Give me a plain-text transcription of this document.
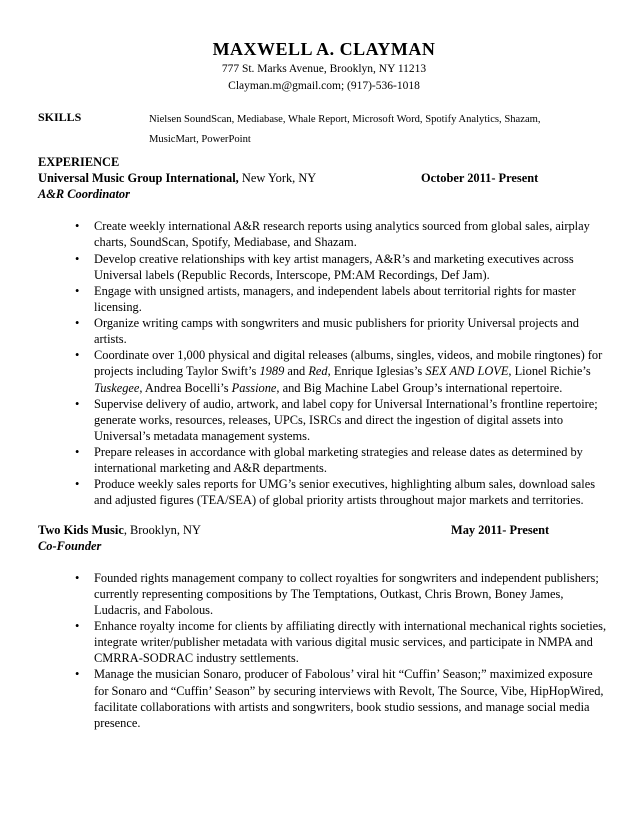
MAXWELL A. CLAYMAN
777 St. Marks Avenue, Brooklyn, NY 11213
Clayman.m@gmail.com; (917)-536-1018
SKILLS	Nielsen SoundScan, Mediabase, Whale Report, Microsoft Word, Spotify Analytics, Shazam,
MusicMart, PowerPoint
EXPERIENCE
Universal Music Group International, New York, NY	October 2011- Present
A&R Coordinator
• Create weekly international A&R research reports using analytics sourced from global sales, airplay charts, SoundScan, Spotify, Mediabase, and Shazam.
• Develop creative relationships with key artist managers, A&R’s and marketing executives across Universal labels (Republic Records, Interscope, PM:AM Recordings, Def Jam).
• Engage with unsigned artists, managers, and independent labels about territorial rights for master licensing.
• Organize writing camps with songwriters and music publishers for priority Universal projects and artists.
• Coordinate over 1,000 physical and digital releases (albums, singles, videos, and mobile ringtones) for projects including Taylor Swift’s 1989 and Red, Enrique Iglesias’s SEX AND LOVE, Lionel Richie’s Tuskegee, Andrea Bocelli’s Passione, and Big Machine Label Group’s international repertoire.
• Supervise delivery of audio, artwork, and label copy for Universal International’s frontline repertoire; generate works, resources, releases, UPCs, ISRCs and direct the ingestion of digital assets into Universal’s metadata management systems.
• Prepare releases in accordance with global marketing strategies and release dates as determined by international marketing and A&R departments.
• Produce weekly sales reports for UMG’s senior executives, highlighting album sales, download sales and adjusted figures (TEA/SEA) of global priority artists throughout major markets and territories.
Two Kids Music, Brooklyn, NY	May 2011- Present
Co-Founder
• Founded rights management company to collect royalties for songwriters and independent publishers; currently representing compositions by The Temptations, Outkast, Chris Brown, Boney James, Ludacris, and Fabolous.
• Enhance royalty income for clients by affiliating directly with international mechanical rights societies, integrate writer/publisher metadata with various digital music services, and participate in NMPA and CMRRA-SODRAC industry settlements.
• Manage the musician Sonaro, producer of Fabolous’ viral hit “Cuffin’ Season;” maximized exposure for Sonaro and “Cuffin’ Season” by securing interviews with Revolt, The Source, Vibe, HipHopWired, facilitate collaborations with artists and songwriters, book studio sessions, and manage social media presence.
